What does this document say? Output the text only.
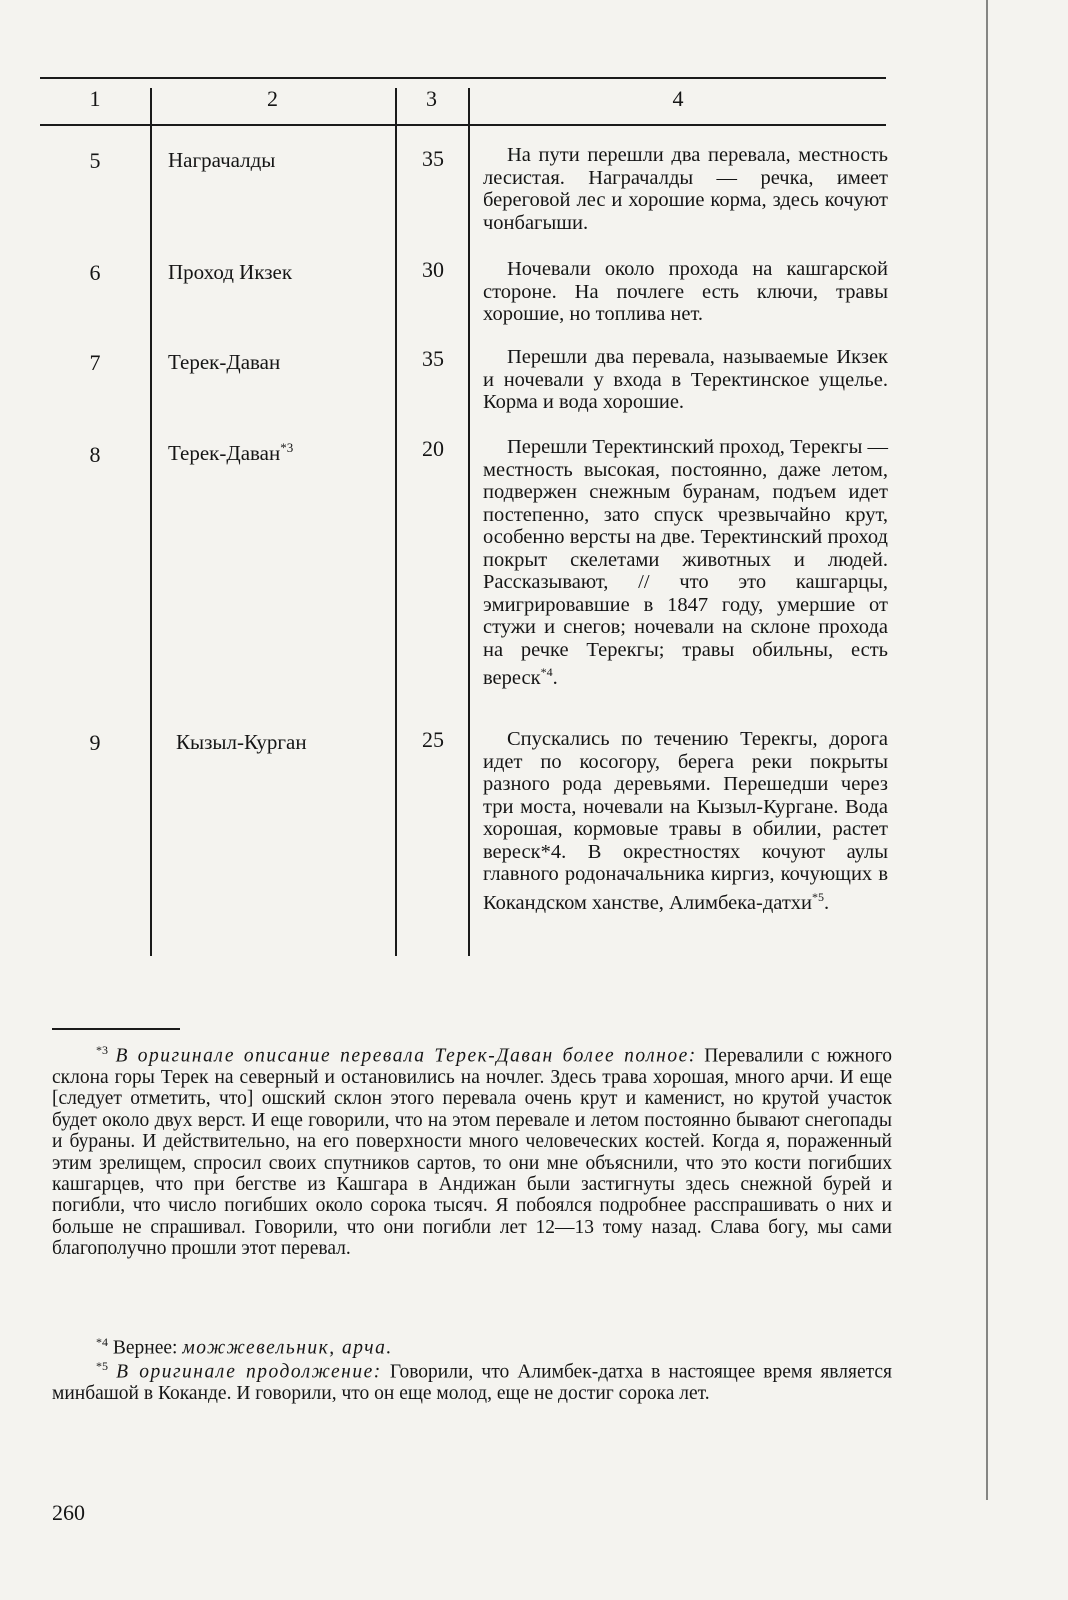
1	2	3	4
5	Награчалды	35	На пути перешли два перевала, местность лесистая. Награчалды — речка, имеет береговой лес и хорошие корма, здесь кочуют чонбагыши.
6	Проход Икзек	30	Ночевали около прохода на кашгарской стороне. На почлеге есть ключи, травы хорошие, но топлива нет.
7	Терек-Даван	35	Перешли два перевала, называемые Икзек и ночевали у входа в Теректинское ущелье. Корма и вода хорошие.
8	Терек-Даван$^{*3}$	20	Перешли Теректинский проход, Терекгы — местность высокая, постоянно, даже летом, подвержен снежным буранам, подъем идет постепенно, зато спуск чрезвычайно крут, особенно версты на две. Теректинский проход покрыт скелетами животных и людей. Рассказывают, // что это кашгарцы, эмигрировавшие в 1847 году, умершие от стужи и снегов; ночевали на склоне прохода на речке Терекгы; травы обильны, есть вереск$^{*4}$.
9	Кызыл-Курган	25	Спускались по течению Терекгы, дорога идет по косогору, берега реки покрыты разного рода деревьями. Перешедши через три моста, ночевали на Кызыл-Кургане. Вода хорошая, кормовые травы в обилии, растет вереск*4. В окрестностях кочуют аулы главного родоначальника киргиз, кочующих в Кокандском ханстве, Алимбека-датхи$^{*5}$.

$^{*3}$ В оригинале описание перевала Терек-Даван более полное: Перевалили с южного склона горы Терек на северный и остановились на ночлег. Здесь трава хорошая, много арчи. И еще [следует отметить, что] ошский склон этого перевала очень крут и каменист, но крутой участок будет около двух верст. И еще говорили, что на этом перевале и летом постоянно бывают снегопады и бураны. И действительно, на его поверхности много человеческих костей. Когда я, пораженный этим зрелищем, спросил своих спутников сартов, то они мне объяснили, что это кости погибших кашгарцев, что при бегстве из Кашгара в Андижан были застигнуты здесь снежной бурей и погибли, что число погибших около сорока тысяч. Я побоялся подробнее расспрашивать о них и больше не спрашивал. Говорили, что они погибли лет 12—13 тому назад. Слава богу, мы сами благополучно прошли этот перевал.

$^{*4}$ Вернее: можжевельник, арча.

$^{*5}$ В оригинале продолжение: Говорили, что Алимбек-датха в настоящее время является минбашой в Коканде. И говорили, что он еще молод, еще не достиг сорока лет.

260
